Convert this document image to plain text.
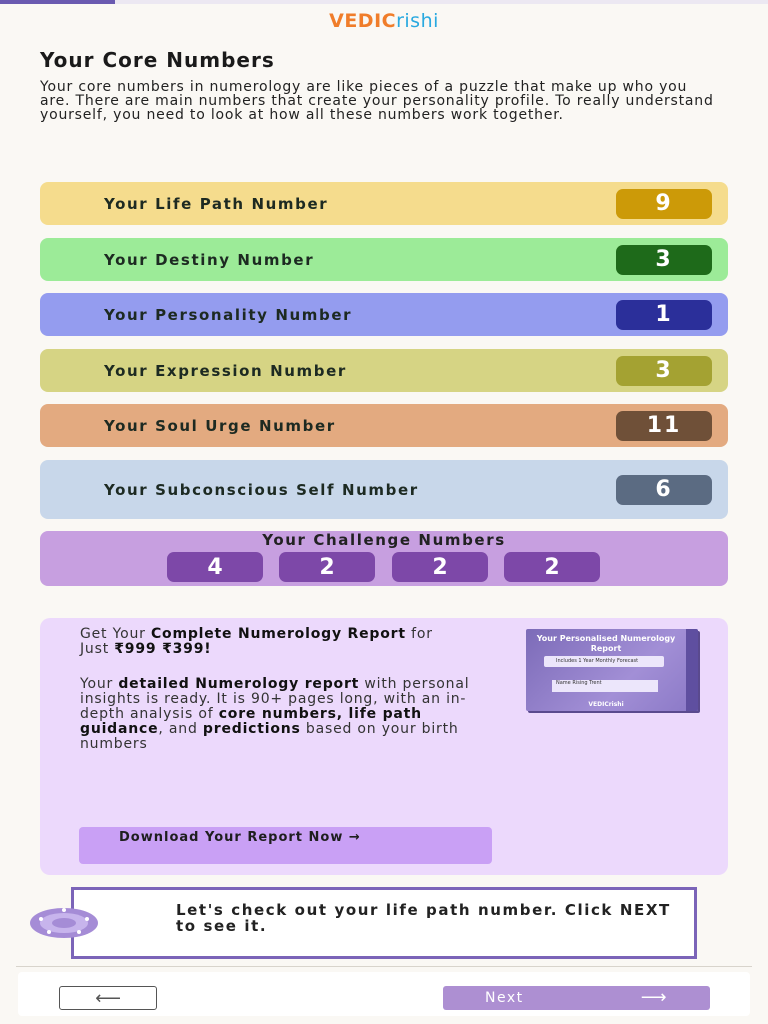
VEDICrishi
Your Core Numbers
Your core numbers in numerology are like pieces of a puzzle that make up who you are. There are main numbers that create your personality profile. To really understand yourself, you need to look at how all these numbers work together.
Your Life Path Number	9
Your Destiny Number	3
Your Personality Number	1
Your Expression Number	3
Your Soul Urge Number	11
Your Subconscious Self Number	6
Your Challenge Numbers
4	2	2	2
Get Your Complete Numerology Report for Just ₹999 ₹399!
Your detailed Numerology report with personal insights is ready. It is 90+ pages long, with an in-depth analysis of core numbers, life path guidance, and predictions based on your birth numbers
Download Your Report Now →
Your Personalised Numerology Report
Includes 1 Year Monthly Forecast
Name Rising Trent
VEDICrishi
Let's check out your life path number. Click NEXT to see it.
⟵	Next	⟶
